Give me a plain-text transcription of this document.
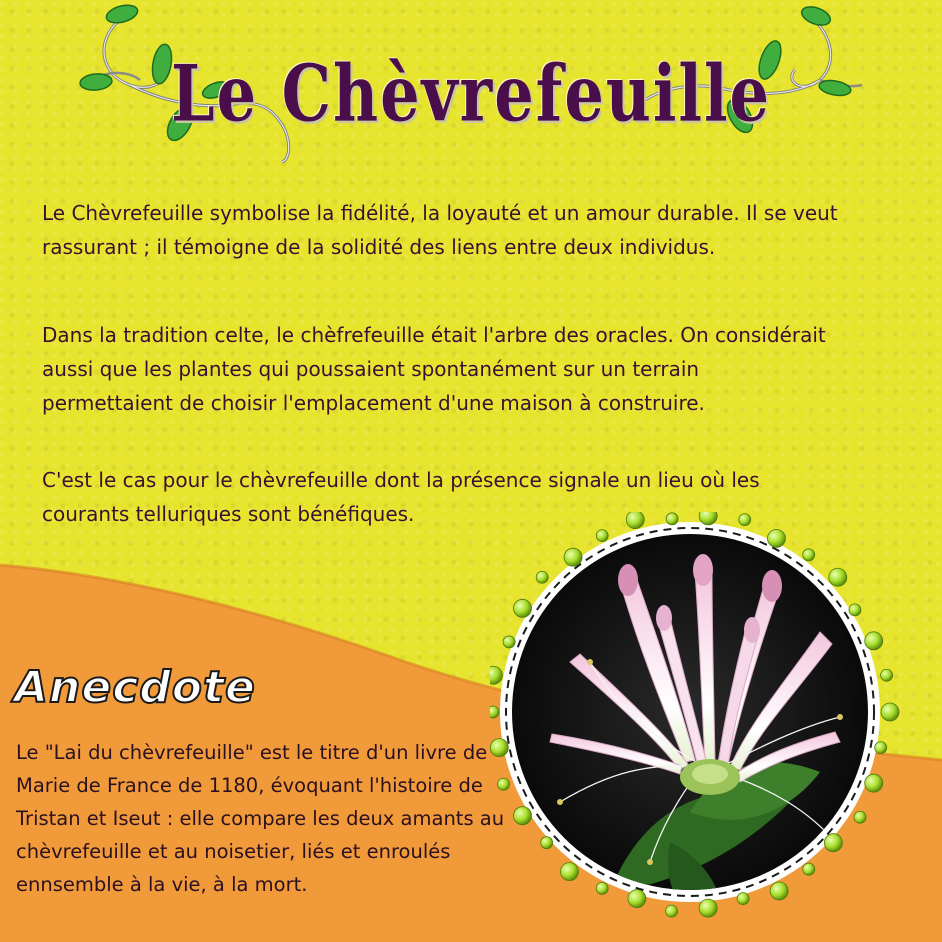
Le Chèvrefeuille

Le Chèvrefeuille symbolise la fidélité, la loyauté et un amour durable. Il se veut rassurant ; il témoigne de la solidité des liens entre deux individus.

Dans la tradition celte, le chèfrefeuille était l'arbre des oracles. On considérait aussi que les plantes qui poussaient spontanément sur un terrain permettaient de choisir l'emplacement d'une maison à construire.

C'est le cas pour le chèvrefeuille dont la présence signale un lieu où les courants telluriques sont bénéfiques.

Anecdote

Le "Lai du chèvrefeuille" est le titre d'un livre de Marie de France de 1180, évoquant l'histoire de Tristan et Iseut : elle compare les deux amants au chèvrefeuille et au noisetier, liés et enroulés ennsemble à la vie, à la mort.
